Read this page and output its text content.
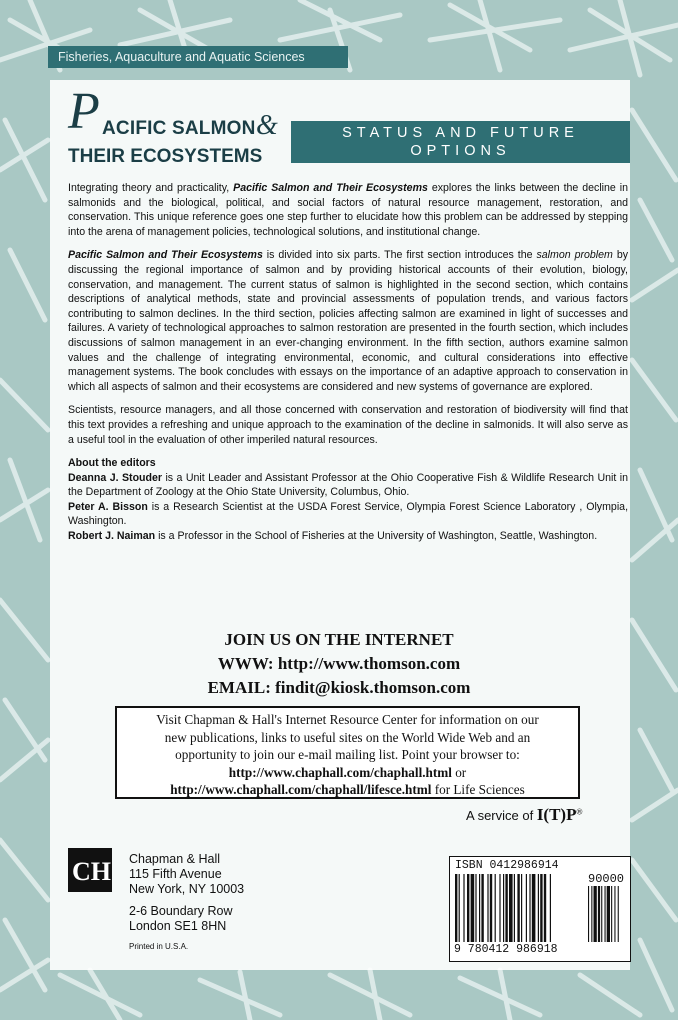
Fisheries, Aquaculture and Aquatic Sciences
P ACIFIC SALMON &
THEIR ECOSYSTEMS
STATUS AND FUTURE
OPTIONS

Integrating theory and practicality, Pacific Salmon and Their Ecosystems explores the links between the decline in salmonids and the biological, political, and social factors of natural resource management, restoration, and conservation. This unique reference goes one step further to elucidate how this problem can be addressed by stepping into the arena of management policies, technological solutions, and institutional change.

Pacific Salmon and Their Ecosystems is divided into six parts. The first section introduces the salmon problem by discussing the regional importance of salmon and by providing historical accounts of their evolution, biology, conservation, and management. The current status of salmon is highlighted in the second section, which contains descriptions of analytical methods, state and provincial assessments of population trends, and various factors contributing to salmon declines. In the third section, policies affecting salmon are examined in light of successes and failures. A variety of technological approaches to salmon restoration are presented in the fourth section, which includes discussions of salmon management in an ever-changing environment. In the fifth section, authors examine salmon values and the challenge of integrating environmental, economic, and cultural considerations into effective management systems. The book concludes with essays on the importance of an adaptive approach to conservation in which all aspects of salmon and their ecosystems are considered and new systems of governance are explored.

Scientists, resource managers, and all those concerned with conservation and restoration of biodiversity will find that this text provides a refreshing and unique approach to the examination of the decline in salmonids. It will also serve as a useful tool in the evaluation of other imperiled natural resources.

About the editors
Deanna J. Stouder is a Unit Leader and Assistant Professor at the Ohio Cooperative Fish & Wildlife Research Unit in the Department of Zoology at the Ohio State University, Columbus, Ohio.
Peter A. Bisson is a Research Scientist at the USDA Forest Service, Olympia Forest Science Laboratory , Olympia, Washington.
Robert J. Naiman is a Professor in the School of Fisheries at the University of Washington, Seattle, Washington.
JOIN US ON THE INTERNET
WWW: http://www.thomson.com
EMAIL: findit@kiosk.thomson.com
Visit Chapman & Hall's Internet Resource Center for information on our
new publications, links to useful sites on the World Wide Web and an
opportunity to join our e-mail mailing list. Point your browser to:
http://www.chaphall.com/chaphall.html or
http://www.chaphall.com/chaphall/lifesce.html for Life Sciences
A service of I(T)P®
CH Chapman & Hall
115 Fifth Avenue
New York, NY 10003
2-6 Boundary Row
London SE1 8HN
Printed in U.S.A.
ISBN 0412986914
90000
9 780412 986918
